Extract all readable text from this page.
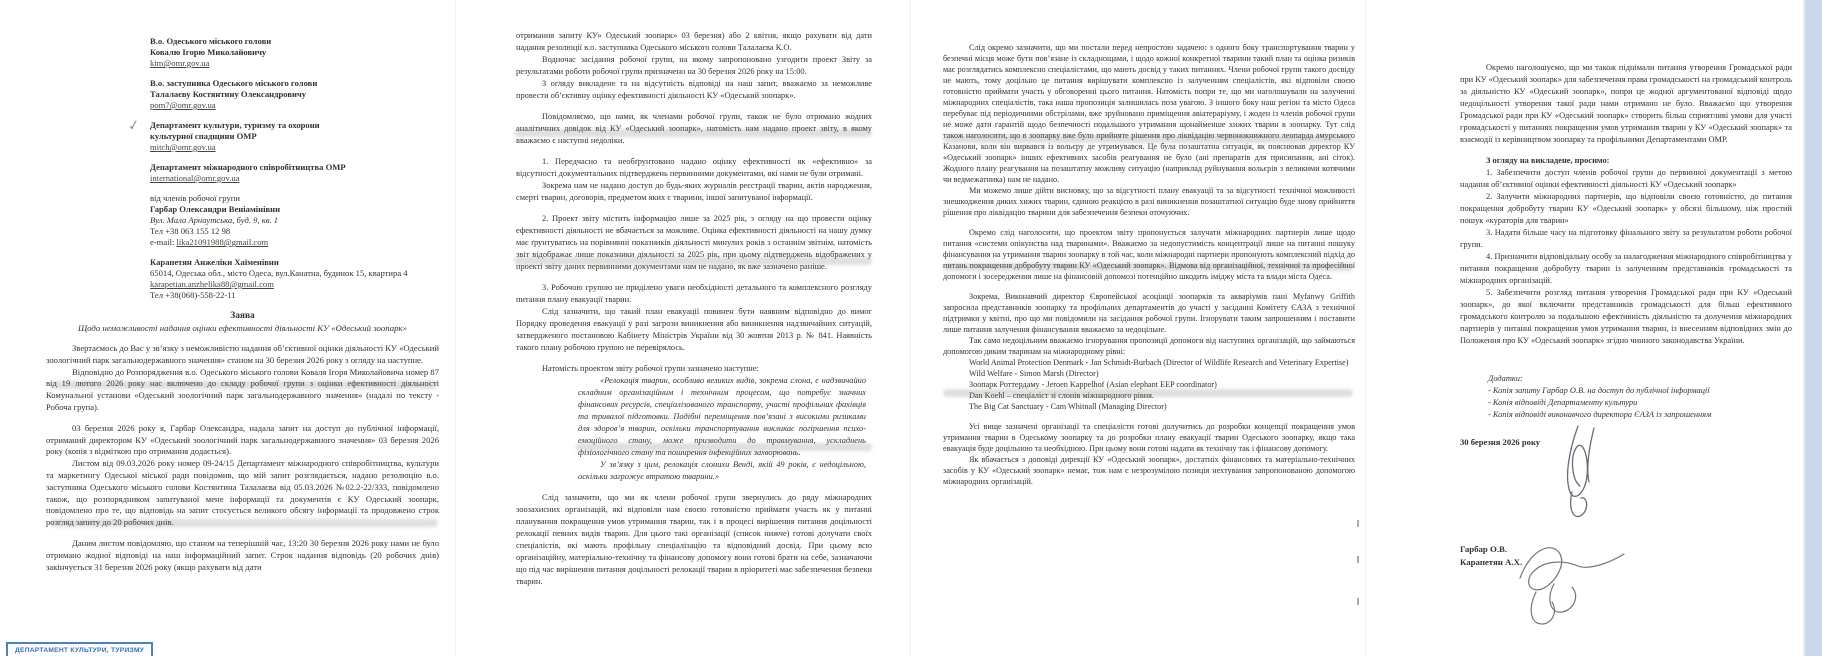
✓
В.о. Одеського міського голови
Ковалю Ігорю Миколайовичу
kim@omr.gov.ua
В.о. заступника Одеського міського голови
Талалаєву Костянтину Олександровичу
pom7@omr.gov.ua
Департамент культури, туризму та охорони
культурної спадщини ОМР
mitch@omr.gov.ua
Департамент міжнародного співробітництва ОМР
international@omr.gov.ua
від членів робочої групи
Гарбар Олександри Веніамінівни
Вул. Мала Арнаутська, буд. 9, кв. 1
Тел +38 063 155 12 98
e-mail: lika21091988@gmail.com
Карапетян Анжеліки Хаїменівни
65014, Одеська обл., місто Одеса, вул.Канатна, будинок 15, квартира 4
karapetian.anzhelika88@gmail.com
Тел +38(068)-558-22-11
Заява
Щодо неможливості надання оцінки ефективності діяльності КУ «Одеський зоопарк»

Звертаємось до Вас у зв’язку з неможливістю надання об’єктивної оцінки діяльності КУ «Одеський зоологічний парк загальнодержавного значення» станом на 30 березня 2026 року з огляду на наступне.

Відповідно до Розпорядження в.о. Одеського міського голови Коваля Ігоря Миколайовича номер 87 від 19 лютого 2026 року нас включено до складу робочої групи з оцінки ефективності діяльності Комунальної установи «Одеський зоологічний парк загальнодержавного значення» (надалі по тексту - Робоча група).

03 березня 2026 року я, Гарбар Олександра, надала запит на доступ до публічної інформації, отриманий директором КУ «Одеський зоологічний парк загальнодержавного значення» 03 березня 2026 року (копія з відміткою про отримання додається).

Листом від 09.03.2026 року номер 09-24/15 Департамент міжнародного співробітництва, культури та маркетингу Одеської міської ради повідомив, що мій запит розглядається, надано резолюцію в.о. заступника Одеського міського голови Костянтина Талалаєва від 05.03.2026 №02.2-22/333, повідомлено також, що розпорядником запитуваної мене інформації та документів є КУ Одеський зоопарк, повідомлено про те, що відповідь на запит стосується великого обсягу інформації та продовжено строк розгляд запиту до 20 робочих днів.

Даним листом повідомляю, що станом на теперішній час, 13:20 30 березня 2026 року нами не було отримано жодної відповіді на наш інформаційний запит. Строк надання відповідь (20 робочих днів) закінчується 31 березня 2026 року (якщо рахувати від дати

ДЕПАРТАМЕНТ КУЛЬТУРИ, ТУРИЗМУ

отримання запиту КУ» Одеський зоопарк» 03 березня) або 2 квітня, якщо рахувати від дати надання резолюції в.о. заступника Одеського міського голови Талалаєва К.О.

Водночас засідання робочої групи, на якому запропоновано узгодити проект Звіту за результатами роботи робочої групи призначено на 30 березня 2026 року на 15:00.

З огляду викладене та на відсутність відповіді на наш запит, вважаємо за неможливе провести об’єктивну оцінку ефективності діяльності КУ «Одеський зоопарк».

Повідомляємо, що нами, як членами робочої групи, також не було отримано жодних аналітичних довідок від КУ «Одеський зоопарк», натомість нам надано проект звіту, в якому вважаємо є наступні недоліки.

1. Передчасно та необґрунтовано надано оцінку ефективності як «ефективно» за відсутності документальних підтверджень первинними документами, які нами не були отримані.

Зокрема нам не надано доступ до будь-яких журналів реєстрації тварин, актів народження, смерті тварин, договорів, предметом яких є тварини, іншої запитуваної інформації.

2. Проект звіту містить інформацію лише за 2025 рік, з огляду на що провести оцінку ефективності діяльності не вбачається за можливе. Оцінка ефективності діяльності на нашу думку має ґрунтуватись на порівнянні показників діяльності минулих років з останнім звітнім, натомість звіт відображає лише показники діяльності за 2025 рік, при цьому підтверджень відображених у проекті звіту даних первинними документами нам не надано, як вже зазначено раніше.

3. Робочою групою не приділено уваги необхідності детального та комплексного розгляду питання плану евакуації тварин.

Слід зазначити, що такий план евакуації повинен бути наявним відповідно до вимог Порядку проведення евакуації у разі загрози виникнення або виникнення надзвичайних ситуацій, затвердженого постановою Кабінету Міністрів України від 30 жовтня 2013 р. № 841. Наявність такого плану робочою групою не перевірялось.

Натомість проектом звіту робочої групи зазначено наступне:

«Релокація тварин, особливо великих видів, зокрема слона, є надзвичайно складним організаційним і технічним процесом, що потребує значних фінансових ресурсів, спеціалізованого транспорту, участі профільних фахівців та тривалої підготовки. Подібні переміщення пов’язані з високими ризиками для здоров’я тварин, оскільки транспортування викликає погіршення психо-емоційного стану, може призводити до травмування, ускладнень фізіологічного стану та поширення інфекційних захворювань.

У зв’язку з цим, релокація слонихи Венді, якій 49 років, є недоцільною, оскільки загрожує втратою тварини.»

Слід зазначити, що ми як члени робочої групи звернулись до ряду міжнародних зоозахисних організацій, які відповіли нам своєю готовністю приймати участь як у питанні планування покращення умов утримання тварин, так і в процесі вирішення питання доцільності релокації певних видів тварин. Для цього такі організації (список нижче) готові долучати своїх спеціалістів, які мають профільну спеціалізацію та відповідний досвід. При цьому всю організаційну, матеріально-технічну та фінансову допомогу вони готові брати на себе, зазначаючи що під час вирішення питання доцільності релокації тварин в пріоритеті має забезпечення безпеки тварин.

Слід окремо зазначити, що ми постали перед непростою задачею: з одного боку транспортування тварин у безпечні місця може бути пов’язане із складнощами, і щодо кожної конкретної тварини такий план та оцінка ризиків має розглядатись комплексно спеціалістами, що мають досвід у таких питаннях. Члени робочої групи такого досвіду не мають, тому доцільно це питання вирішувати комплексно із залученням спеціалістів, які відповіли своєю готовністю приймати участь у обговоренні цього питання. Натомість попри те, що ми наголошували на залученні міжнародних спеціалістів, така наша пропозиція залишилась поза увагою. З іншого боку наш регіон та місто Одеса перебуває під періодичними обстрілами, вже зруйновано приміщення авіатераріуму, і жоден із членів робочої групи не може дати гарантій щодо безпечності подальшого утримання щонайменше хижих тварин в зоопарку. Тут слід також наголосити, що в зоопарку вже було прийняте рішення про ліквідацію червонокнижного леопарда амурського Казанови, коли він вирвався із вольєру де утримувався. Це була позаштатна ситуація, як пояснював директор КУ «Одеський зоопарк» інших ефективних засобів реагування не було (ані препаратів для присипання, ані сіток). Жодного плану реагування на позаштатну можливу ситуацію (наприклад руйнування вольєрів з великими котячими чи ведмежатника) нам не надано.

Ми можемо лише дійти висновку, що за відсутності плану евакуації та за відсутності технічної можливості знешкодження диких хижих тварин, єдиною реакцією в разі виникнення позаштатної ситуацію буде знову прийняття рішення про ліквідацію тварини для забезпечення безпеки оточуючих.

Окремо слід наголосити, що проектом звіту пропонується залучати міжнародних партнерів лише щодо питання «системи опікунства над тваринами». Вважаємо за недопустимість концентрації лише на питанні пошуку фінансування на утримання тварин зоопарку в той час, коли міжнародні партнери пропонують комплексний підхід до питань покращення добробуту тварин КУ «Одеський зоопарк». Відмова від організаційної, технічної та професійної допомоги і зосередження лише на фінансовій допомозі потенційно шкодить іміджу міста та влади міста Одеса.

Зокрема, Виконавчий директор Європейської асоціації зоопарків та акваріумів пані Myfanwy Griffith запросила представників зоопарку та профільних департаментів до участі у засіданні Комітету ЄАЗА з технічної підтримки у квітні, про що ми повідомили на засідання робочої групи. Ігнорувати таким запрошенням і поставити лише питання залучення фінансування вважаємо за недоцільне.

Так само недоцільним вважаємо ігнорування пропозиції допомоги від наступних організацій, що займаються допомогою диким тваринам на міжнародному рівні:

World Animal Protection Denmark - Jan Schmidt-Burbach (Director of Wildlife Research and Veterinary Expertise)

Wild Welfare - Simon Marsh (Director)

Зоопарк Роттердаму - Jeroen Kappelhof (Asian elephant EEP coordinator)

Dan Koehl – спеціаліст зі слонів міжнародного рівня.

The Big Cat Sanctuary - Cam Whitnall (Managing Director)

Усі вище зазначені організації та спеціалісти готові долучитись до розробки концепції покращення умов утримання тварин в Одеському зоопарку та до розробки плану евакуації тварин Одеського зоопарку, якщо така евакуація буде доцільною та необхідною. При цьому вони готові надати як технічну так і фінансову допомогу.

Як вбачається з доповіді дирекції КУ «Одеський зоопарк», достатніх фінансових та матеріально-технічних засобів у КУ «Одеський зоопарк» немає, тож нам є незрозумілою позиція нехтування запропонованою допомогою міжнародних організацій.

Окремо наголошуємо, що ми також піднімали питання утворення Громадської ради при КУ «Одеський зоопарк» для забезпечення права громадськості на громадський контроль за діяльністю КУ «Одеський зоопарк», попри це жодної аргументованої відповіді щодо недоцільності утворення такої ради нами отримано не було. Вважаємо що утворення Громадської ради при КУ «Одеський зоопарк» створить більш сприятливі умови для участі громадськості у питаннях покращення умов утримання тварин у КУ «Одеський зоопарк» та взаємодії із керівництвом зоопарку та профільними Департаментами ОМР.

З огляду на викладене, просимо:

1. Забезпечити доступ членів робочої групи до первинної документації з метою надання об’єктивної оцінки ефективності діяльності КУ «Одеський зоопарк»

2. Залучити міжнародних партнерів, що відповіли своєю готовністю, до питання покращення добробуту тварин КУ «Одеський зоопарк» у обсязі більшому, ніж простий пошук «кураторів для тварин»

3. Надати більше часу на підготовку фінального звіту за результатом роботи робочої групи.

4. Призначити відповідальну особу за налагодження міжнародного співробітництва у питання покращення добробуту тварин із залученням представників громадськості та міжнародних організацій.

5. Забезпечити розгляд питання утворення Громадської ради при КУ «Одеський зоопарк», до якої включити представників громадськості для більш ефективного громадського контролю за подальшою ефективність діяльністю та долучення міжнародних партнерів у питанні покращення умов утримання тварин, із внесенням відповідних змін до Положення про КУ «Одеський зоопарк» згідно чинного законодавства України.

Додатки:

- Копія запиту Гарбар О.В. на доступ до публічної інформації

- Копія відповіді Департаменту культури

- Копія відповіді виконавчого директора ЄАЗА із запрошенням

30 березня 2026 року

Гарбар О.В.
Карапетян А.Х.
